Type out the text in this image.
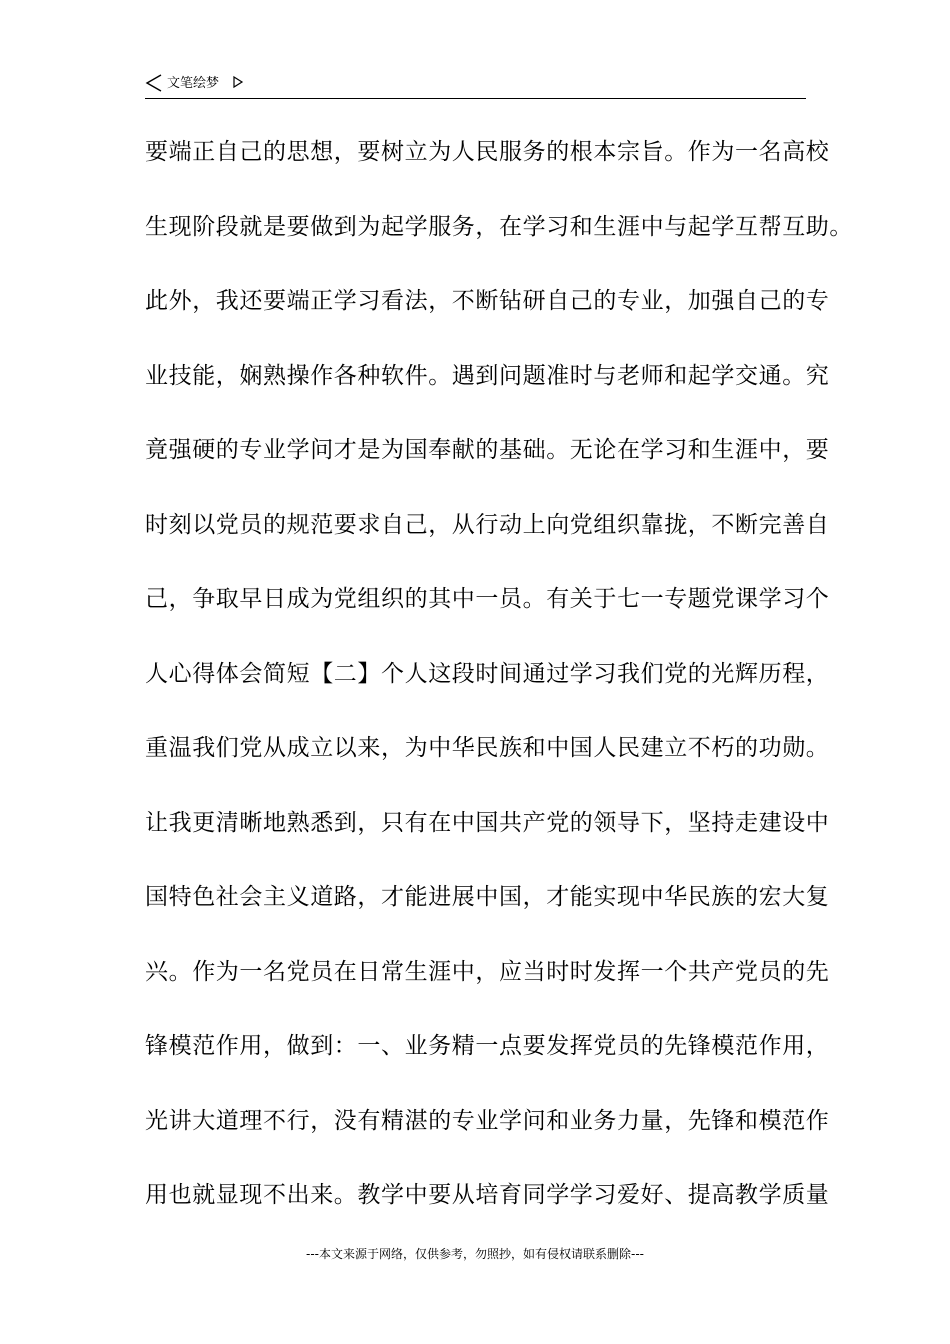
文笔绘梦
要端正自己的思想，要树立为人民服务的根本宗旨。作为一名高校
生现阶段就是要做到为起学服务，在学习和生涯中与起学互帮互助。
此外，我还要端正学习看法，不断钻研自己的专业，加强自己的专
业技能，娴熟操作各种软件。遇到问题准时与老师和起学交通。究
竟强硬的专业学问才是为国奉献的基础。无论在学习和生涯中，要
时刻以党员的规范要求自己，从行动上向党组织靠拢，不断完善自
己，争取早日成为党组织的其中一员。有关于七一专题党课学习个
人心得体会简短【二】个人这段时间通过学习我们党的光辉历程，
重温我们党从成立以来，为中华民族和中国人民建立不朽的功勋。
让我更清晰地熟悉到，只有在中国共产党的领导下，坚持走建设中
国特色社会主义道路，才能进展中国，才能实现中华民族的宏大复
兴。作为一名党员在日常生涯中，应当时时发挥一个共产党员的先
锋模范作用，做到：一、业务精一点要发挥党员的先锋模范作用，
光讲大道理不行，没有精湛的专业学问和业务力量，先锋和模范作
用也就显现不出来。教学中要从培育同学学习爱好、提高教学质量
---本文来源于网络，仅供参考，勿照抄，如有侵权请联系删除---
